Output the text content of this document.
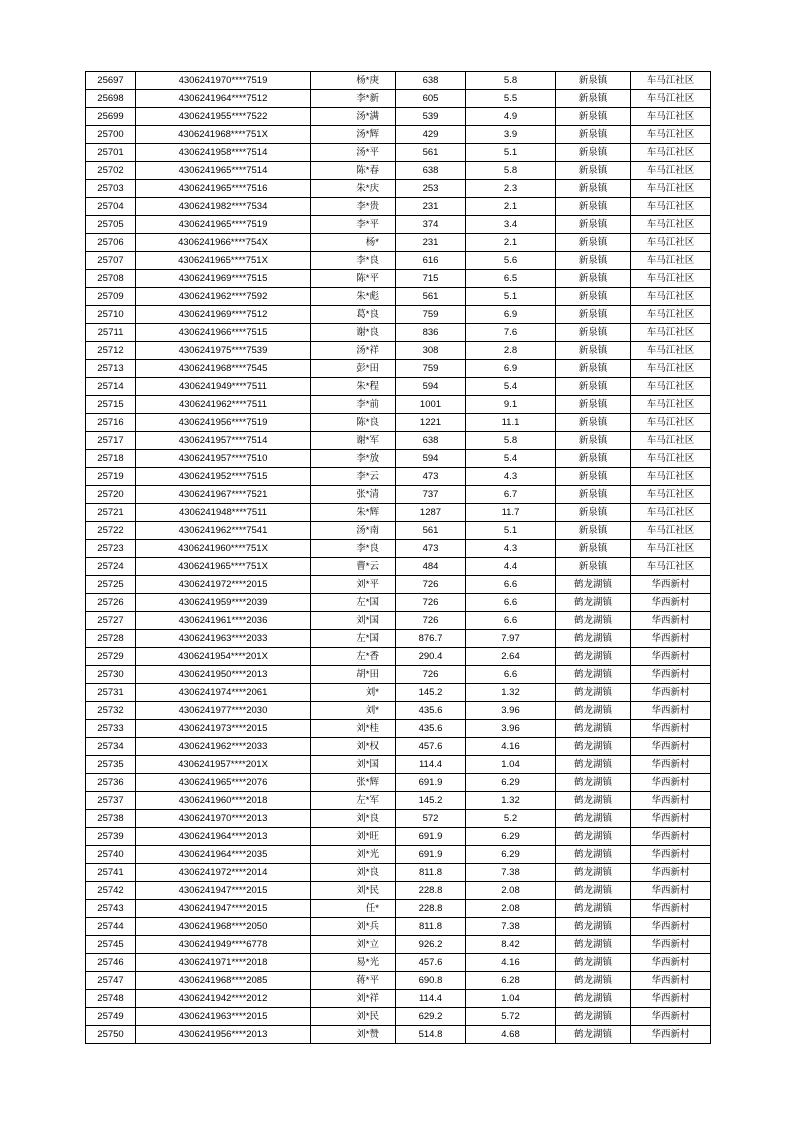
25697	4306241970****7519	杨*庚	638	5.8	新泉镇	车马江社区
25698	4306241964****7512	李*新	605	5.5	新泉镇	车马江社区
25699	4306241955****7522	汤*满	539	4.9	新泉镇	车马江社区
25700	4306241968****751X	汤*辉	429	3.9	新泉镇	车马江社区
25701	4306241958****7514	汤*平	561	5.1	新泉镇	车马江社区
25702	4306241965****7514	陈*春	638	5.8	新泉镇	车马江社区
25703	4306241965****7516	朱*庆	253	2.3	新泉镇	车马江社区
25704	4306241982****7534	李*贵	231	2.1	新泉镇	车马江社区
25705	4306241965****7519	李*平	374	3.4	新泉镇	车马江社区
25706	4306241966****754X	杨*	231	2.1	新泉镇	车马江社区
25707	4306241965****751X	李*良	616	5.6	新泉镇	车马江社区
25708	4306241969****7515	陈*平	715	6.5	新泉镇	车马江社区
25709	4306241962****7592	朱*彪	561	5.1	新泉镇	车马江社区
25710	4306241969****7512	葛*良	759	6.9	新泉镇	车马江社区
25711	4306241966****7515	谢*良	836	7.6	新泉镇	车马江社区
25712	4306241975****7539	汤*祥	308	2.8	新泉镇	车马江社区
25713	4306241968****7545	彭*田	759	6.9	新泉镇	车马江社区
25714	4306241949****7511	朱*程	594	5.4	新泉镇	车马江社区
25715	4306241962****7511	李*前	1001	9.1	新泉镇	车马江社区
25716	4306241956****7519	陈*良	1221	11.1	新泉镇	车马江社区
25717	4306241957****7514	谢*军	638	5.8	新泉镇	车马江社区
25718	4306241957****7510	李*放	594	5.4	新泉镇	车马江社区
25719	4306241952****7515	李*云	473	4.3	新泉镇	车马江社区
25720	4306241967****7521	张*清	737	6.7	新泉镇	车马江社区
25721	4306241948****7511	朱*辉	1287	11.7	新泉镇	车马江社区
25722	4306241962****7541	汤*南	561	5.1	新泉镇	车马江社区
25723	4306241960****751X	李*良	473	4.3	新泉镇	车马江社区
25724	4306241965****751X	曹*云	484	4.4	新泉镇	车马江社区
25725	4306241972****2015	刘*平	726	6.6	鹤龙湖镇	华西新村
25726	4306241959****2039	左*国	726	6.6	鹤龙湖镇	华西新村
25727	4306241961****2036	刘*国	726	6.6	鹤龙湖镇	华西新村
25728	4306241963****2033	左*国	876.7	7.97	鹤龙湖镇	华西新村
25729	4306241954****201X	左*香	290.4	2.64	鹤龙湖镇	华西新村
25730	4306241950****2013	胡*田	726	6.6	鹤龙湖镇	华西新村
25731	4306241974****2061	刘*	145.2	1.32	鹤龙湖镇	华西新村
25732	4306241977****2030	刘*	435.6	3.96	鹤龙湖镇	华西新村
25733	4306241973****2015	刘*桂	435.6	3.96	鹤龙湖镇	华西新村
25734	4306241962****2033	刘*权	457.6	4.16	鹤龙湖镇	华西新村
25735	4306241957****201X	刘*国	114.4	1.04	鹤龙湖镇	华西新村
25736	4306241965****2076	张*辉	691.9	6.29	鹤龙湖镇	华西新村
25737	4306241960****2018	左*军	145.2	1.32	鹤龙湖镇	华西新村
25738	4306241970****2013	刘*良	572	5.2	鹤龙湖镇	华西新村
25739	4306241964****2013	刘*旺	691.9	6.29	鹤龙湖镇	华西新村
25740	4306241964****2035	刘*光	691.9	6.29	鹤龙湖镇	华西新村
25741	4306241972****2014	刘*良	811.8	7.38	鹤龙湖镇	华西新村
25742	4306241947****2015	刘*民	228.8	2.08	鹤龙湖镇	华西新村
25743	4306241947****2015	任*	228.8	2.08	鹤龙湖镇	华西新村
25744	4306241968****2050	刘*兵	811.8	7.38	鹤龙湖镇	华西新村
25745	4306241949****6778	刘*立	926.2	8.42	鹤龙湖镇	华西新村
25746	4306241971****2018	易*光	457.6	4.16	鹤龙湖镇	华西新村
25747	4306241968****2085	蒋*平	690.8	6.28	鹤龙湖镇	华西新村
25748	4306241942****2012	刘*祥	114.4	1.04	鹤龙湖镇	华西新村
25749	4306241963****2015	刘*民	629.2	5.72	鹤龙湖镇	华西新村
25750	4306241956****2013	刘*赞	514.8	4.68	鹤龙湖镇	华西新村
